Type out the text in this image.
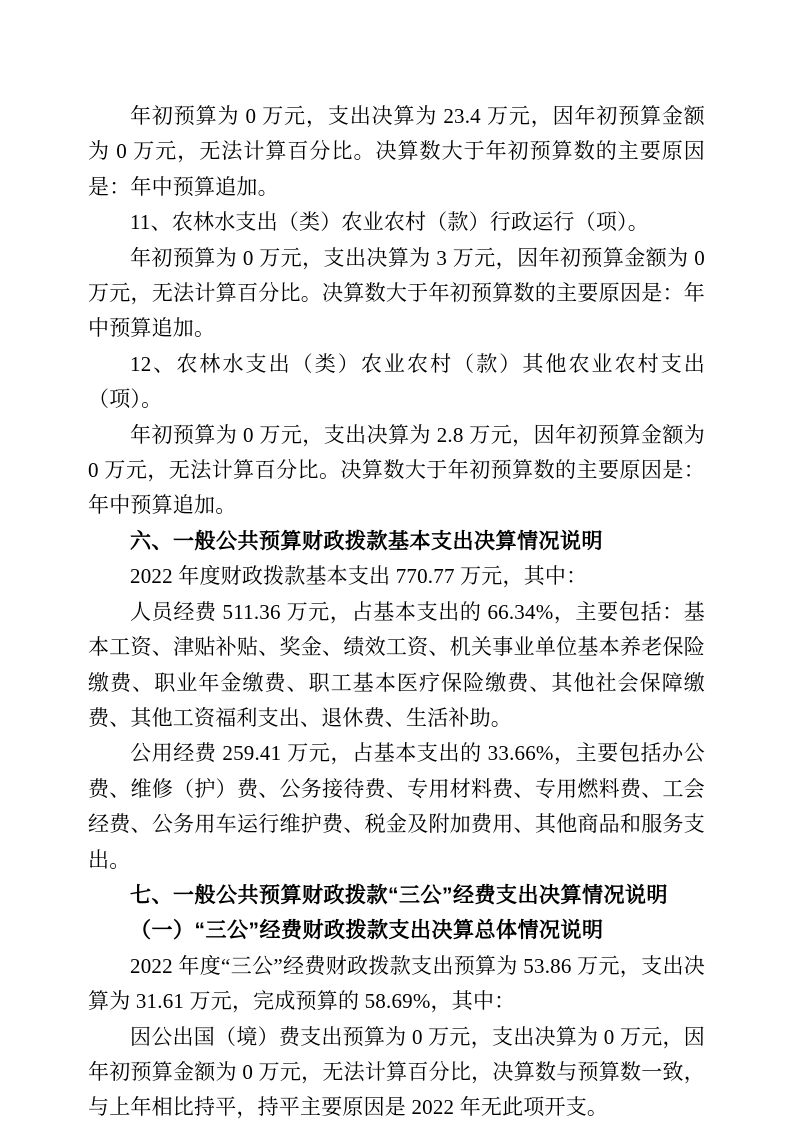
年初预算为 0 万元，支出决算为 23.4 万元，因年初预算金额为 0 万元，无法计算百分比。决算数大于年初预算数的主要原因是：年中预算追加。

11、农林水支出（类）农业农村（款）行政运行（项）。

年初预算为 0 万元，支出决算为 3 万元，因年初预算金额为 0 万元，无法计算百分比。决算数大于年初预算数的主要原因是：年中预算追加。

12、农林水支出（类）农业农村（款）其他农业农村支出（项）。

年初预算为 0 万元，支出决算为 2.8 万元，因年初预算金额为 0 万元，无法计算百分比。决算数大于年初预算数的主要原因是：年中预算追加。

六、一般公共预算财政拨款基本支出决算情况说明

2022 年度财政拨款基本支出 770.77 万元，其中：

人员经费 511.36 万元，占基本支出的 66.34%，主要包括：基本工资、津贴补贴、奖金、绩效工资、机关事业单位基本养老保险缴费、职业年金缴费、职工基本医疗保险缴费、其他社会保障缴费、其他工资福利支出、退休费、生活补助。

公用经费 259.41 万元，占基本支出的 33.66%，主要包括办公费、维修（护）费、公务接待费、专用材料费、专用燃料费、工会经费、公务用车运行维护费、税金及附加费用、其他商品和服务支出。

七、一般公共预算财政拨款“三公”经费支出决算情况说明

（一）“三公”经费财政拨款支出决算总体情况说明

2022 年度“三公”经费财政拨款支出预算为 53.86 万元，支出决算为 31.61 万元，完成预算的 58.69%，其中：

因公出国（境）费支出预算为 0 万元，支出决算为 0 万元，因年初预算金额为 0 万元，无法计算百分比，决算数与预算数一致，与上年相比持平，持平主要原因是 2022 年无此项开支。
